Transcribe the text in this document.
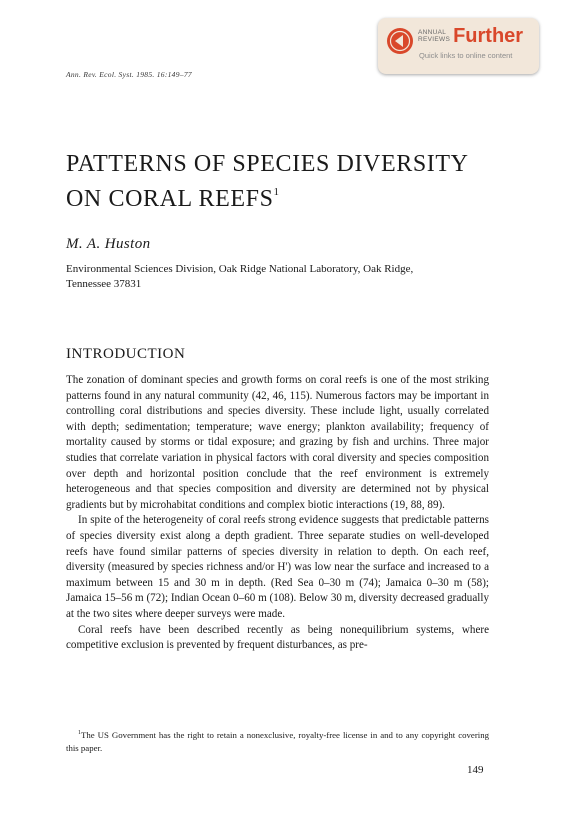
ANNUAL
REVIEWS Further
Quick links to online content
Ann. Rev. Ecol. Syst. 1985. 16:149–77
PATTERNS OF SPECIES DIVERSITY
ON CORAL REEFS$^1$
M. A. Huston
Environmental Sciences Division, Oak Ridge National Laboratory, Oak Ridge,
Tennessee 37831
INTRODUCTION

The zonation of dominant species and growth forms on coral reefs is one of the most striking patterns found in any natural community (42, 46, 115). Numerous factors may be important in controlling coral distributions and species diversity. These include light, usually correlated with depth; sedimentation; temperature; wave energy; plankton availability; frequency of mortality caused by storms or tidal exposure; and grazing by fish and urchins. Three major studies that correlate variation in physical factors with coral diversity and species composition over depth and horizontal position conclude that the reef environment is extremely heterogeneous and that species composition and diversity are determined not by physical gradients but by microhabitat conditions and complex biotic interactions (19, 88, 89).

In spite of the heterogeneity of coral reefs strong evidence suggests that predictable patterns of species diversity exist along a depth gradient. Three separate studies on well-developed reefs have found similar patterns of species diversity in relation to depth. On each reef, diversity (measured by species richness and/or H') was low near the surface and increased to a maximum between 15 and 30 m in depth. (Red Sea 0–30 m (74); Jamaica 0–30 m (58); Jamaica 15–56 m (72); Indian Ocean 0–60 m (108). Below 30 m, diversity decreased gradually at the two sites where deeper surveys were made.

Coral reefs have been described recently as being nonequilibrium systems, where competitive exclusion is prevented by frequent disturbances, as pre-

$^1$The US Government has the right to retain a nonexclusive, royalty-free license in and to any copyright covering this paper.
149
